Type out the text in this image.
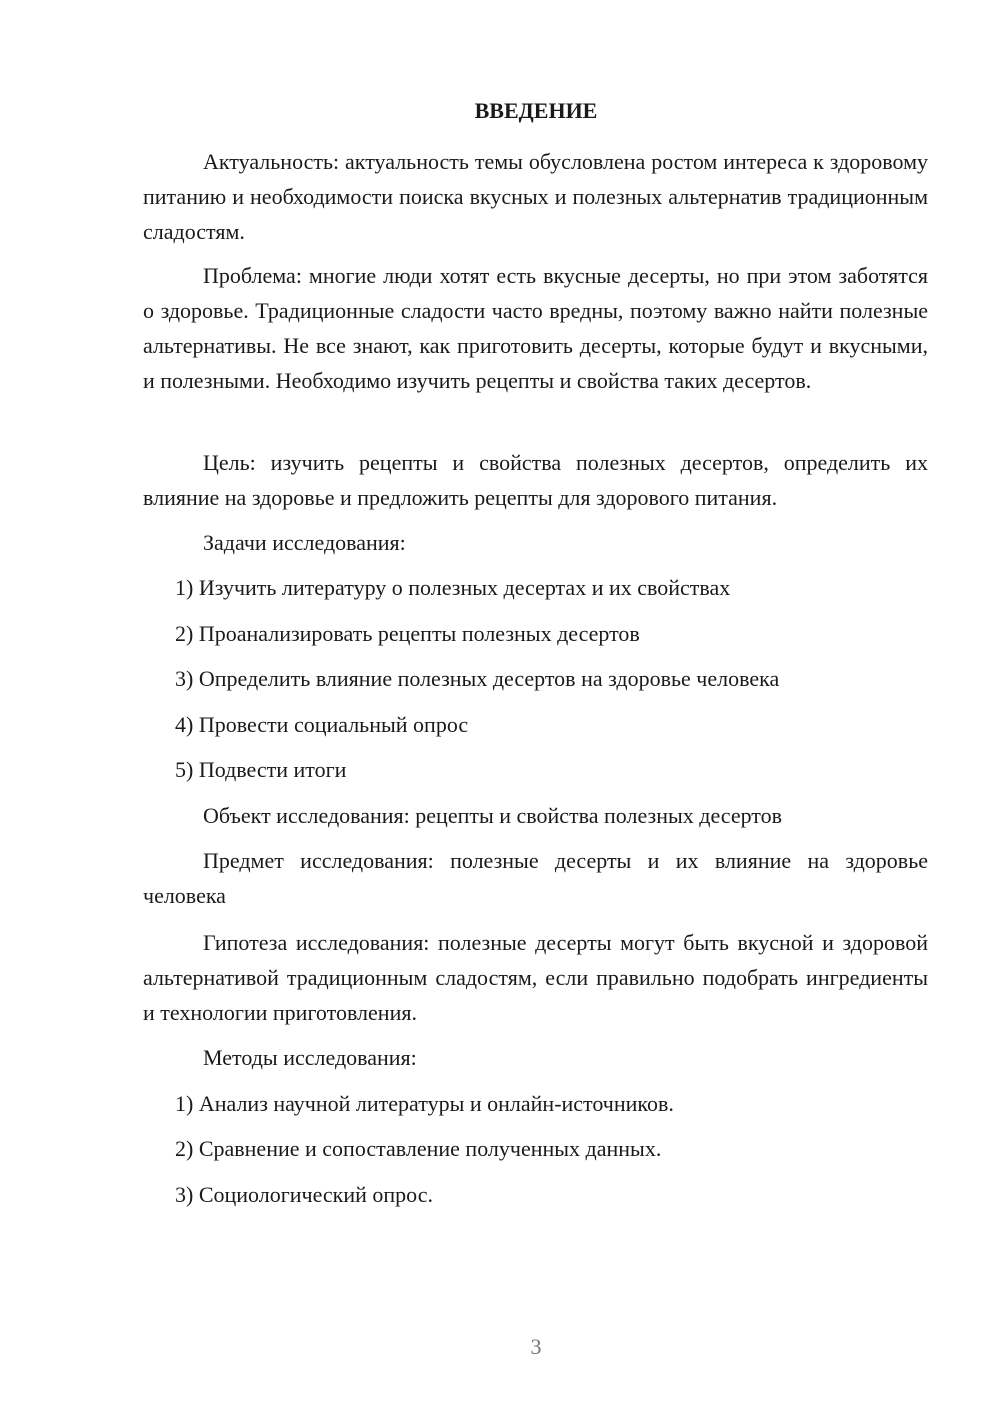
ВВЕДЕНИЕ
Актуальность: актуальность темы обусловлена ростом интереса к здоровому питанию и необходимости поиска вкусных и полезных альтернатив традиционным сладостям.
Проблема: многие люди хотят есть вкусные десерты, но при этом заботятся о здоровье. Традиционные сладости часто вредны, поэтому важно найти полезные альтернативы. Не все знают, как приготовить десерты, которые будут и вкусными, и полезными. Необходимо изучить рецепты и свойства таких десертов.
Цель: изучить рецепты и свойства полезных десертов, определить их влияние на здоровье и предложить рецепты для здорового питания.
Задачи исследования:
1) Изучить литературу о полезных десертах и их свойствах
2) Проанализировать рецепты полезных десертов
3) Определить влияние полезных десертов на здоровье человека
4) Провести социальный опрос
5) Подвести итоги
Объект исследования: рецепты и свойства полезных десертов
Предмет исследования: полезные десерты и их влияние на здоровье человека
Гипотеза исследования: полезные десерты могут быть вкусной и здоровой альтернативой традиционным сладостям, если правильно подобрать ингредиенты и технологии приготовления.
Методы исследования:
1) Анализ научной литературы и онлайн-источников.
2) Сравнение и сопоставление полученных данных.
3) Социологический опрос.
3
